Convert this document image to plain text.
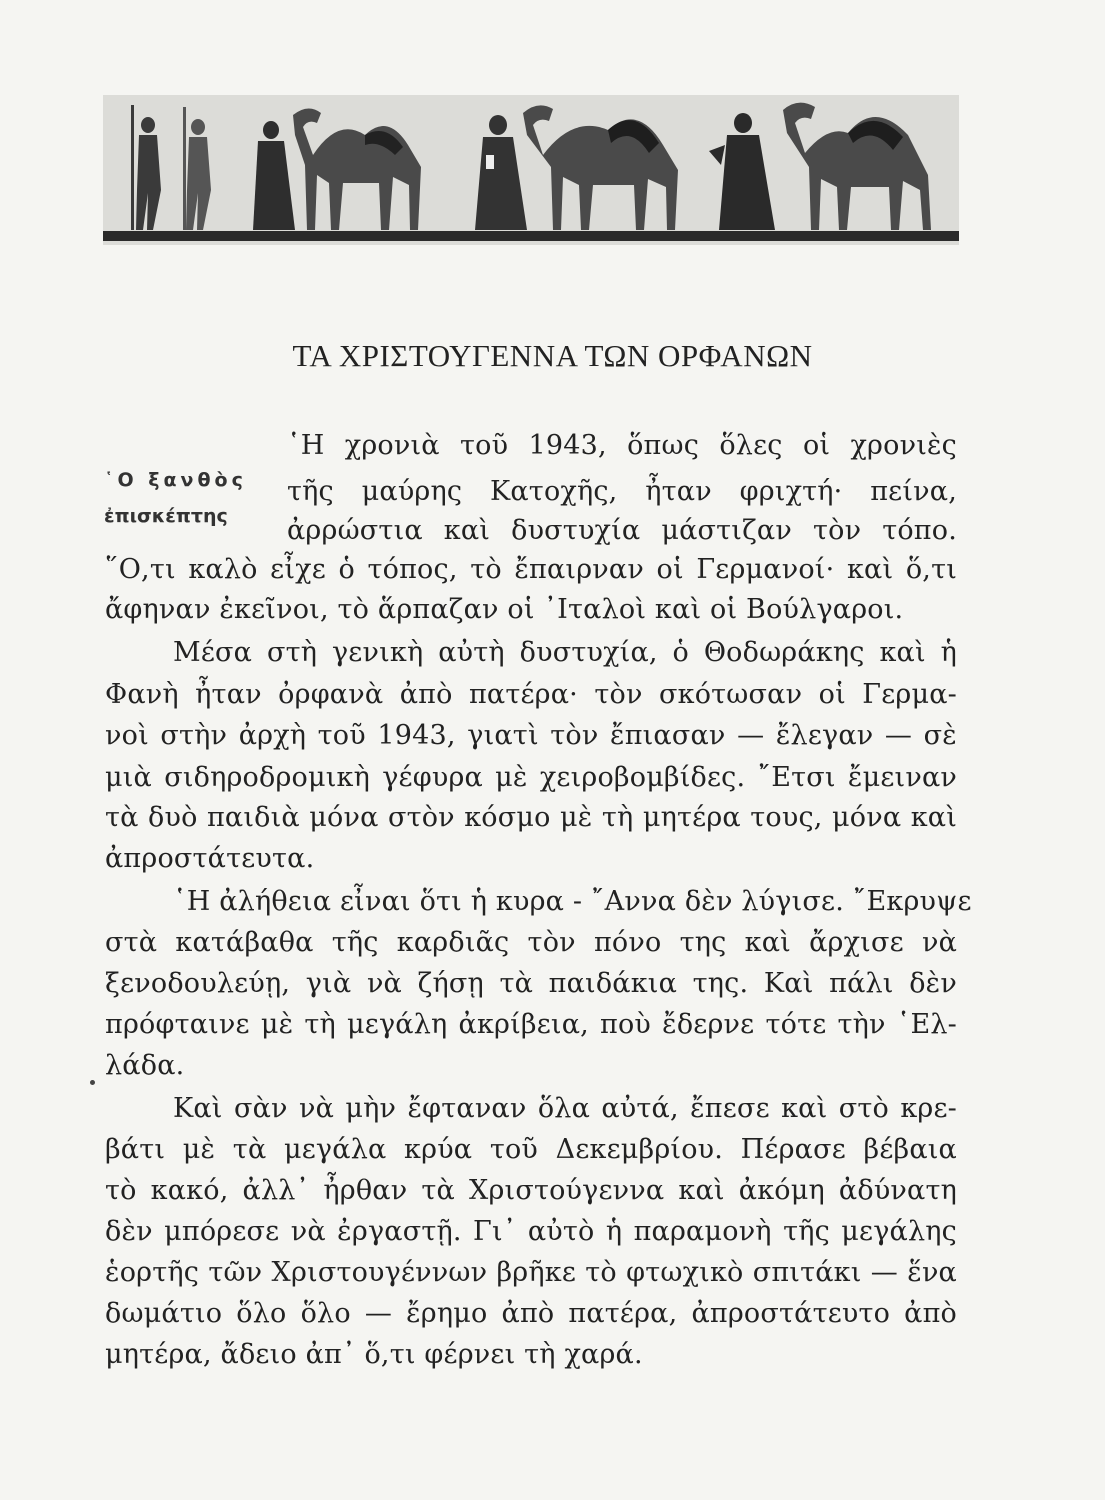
ΤΑ ΧΡΙΣΤΟΥΓΕΝΝΑ ΤΩΝ ΟΡΦΑΝΩΝ
῾Ο ξανθὸς
ἐπισκέπτης
῾Η χρονιὰ τοῦ 1943, ὅπως ὅλες οἱ χρονιὲς
τῆς μαύρης Κατοχῆς, ἦταν φριχτή· πείνα,
ἀρρώστια καὶ δυστυχία μάστιζαν τὸν τόπο.
῞Ο,τι καλὸ εἶχε ὁ τόπος, τὸ ἔπαιρναν οἱ Γερμανοί· καὶ ὅ,τι
ἄφηναν ἐκεῖνοι, τὸ ἅρπαζαν οἱ ᾿Ιταλοὶ καὶ οἱ Βούλγαροι.
Μέσα στὴ γενικὴ αὐτὴ δυστυχία, ὁ Θοδωράκης καὶ ἡ
Φανὴ ἦταν ὀρφανὰ ἀπὸ πατέρα· τὸν σκότωσαν οἱ Γερμα-
νοὶ στὴν ἀρχὴ τοῦ 1943, γιατὶ τὸν ἔπιασαν — ἔλεγαν — σὲ
μιὰ σιδηροδρομικὴ γέφυρα μὲ χειροβομβίδες. ῎Ετσι ἔμειναν
τὰ δυὸ παιδιὰ μόνα στὸν κόσμο μὲ τὴ μητέρα τους, μόνα καὶ
ἀπροστάτευτα.
῾Η ἀλήθεια εἶναι ὅτι ἡ κυρα - ῎Αννα δὲν λύγισε. ῎Εκρυψε
στὰ κατάβαθα τῆς καρδιᾶς τὸν πόνο της καὶ ἄρχισε νὰ
ξενοδουλεύῃ, γιὰ νὰ ζήσῃ τὰ παιδάκια της. Καὶ πάλι δὲν
πρόφταινε μὲ τὴ μεγάλη ἀκρίβεια, ποὺ ἔδερνε τότε τὴν ῾Ελ-
λάδα.
Καὶ σὰν νὰ μὴν ἔφταναν ὅλα αὐτά, ἔπεσε καὶ στὸ κρε-
βάτι μὲ τὰ μεγάλα κρύα τοῦ Δεκεμβρίου. Πέρασε βέβαια
τὸ κακό, ἀλλ᾿ ἦρθαν τὰ Χριστούγεννα καὶ ἀκόμη ἀδύνατη
δὲν μπόρεσε νὰ ἐργαστῇ. Γι᾿ αὐτὸ ἡ παραμονὴ τῆς μεγάλης
ἑορτῆς τῶν Χριστουγέννων βρῆκε τὸ φτωχικὸ σπιτάκι — ἕνα
δωμάτιο ὅλο ὅλο — ἔρημο ἀπὸ πατέρα, ἀπροστάτευτο ἀπὸ
μητέρα, ἄδειο ἀπ᾿ ὅ,τι φέρνει τὴ χαρά.
